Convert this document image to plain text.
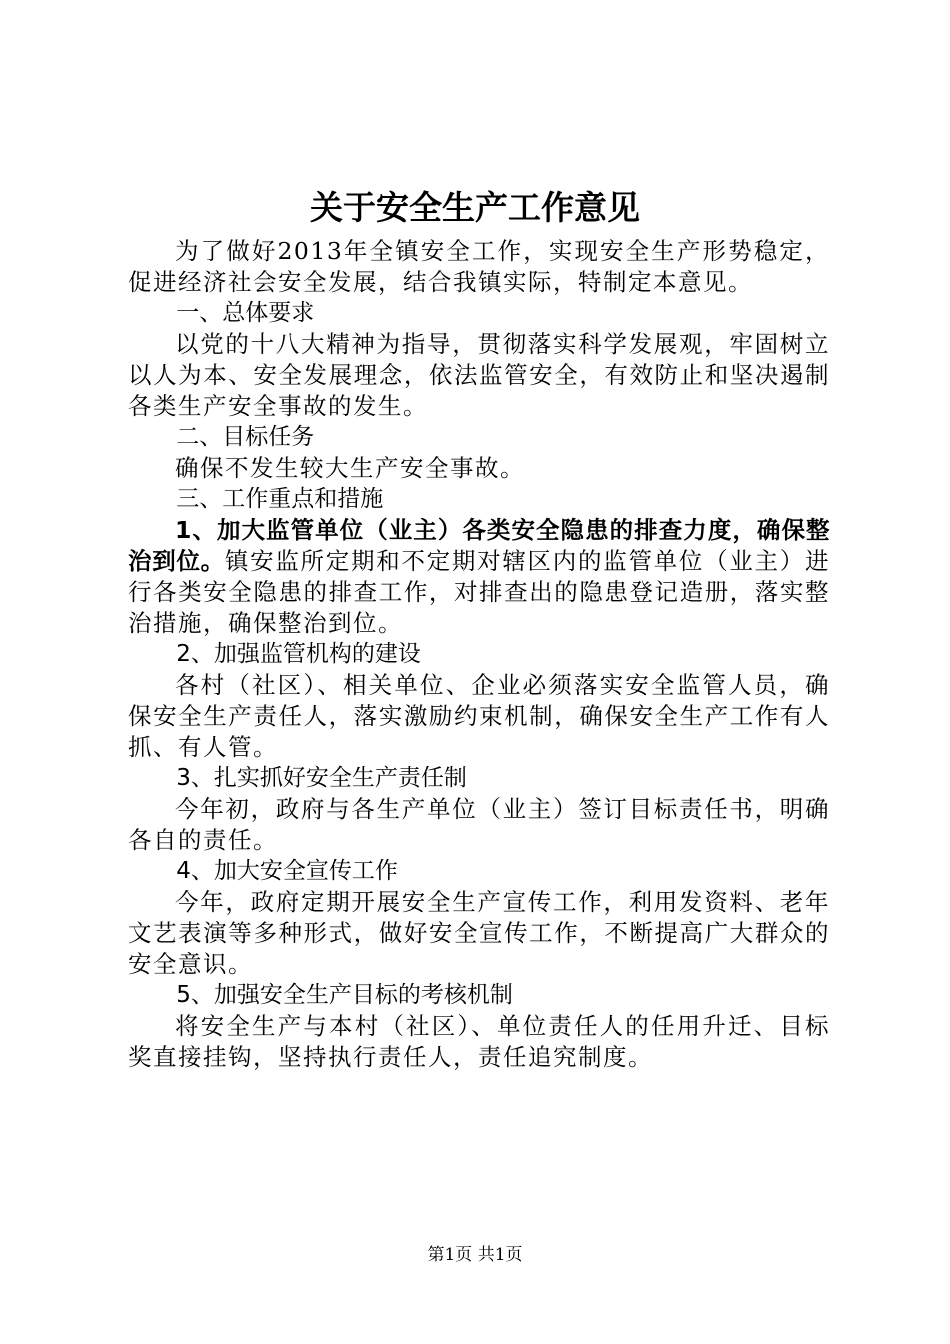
关于安全生产工作意见

为了做好2013年全镇安全工作，实现安全生产形势稳定，促进经济社会安全发展，结合我镇实际，特制定本意见。

一、总体要求

以党的十八大精神为指导，贯彻落实科学发展观，牢固树立以人为本、安全发展理念，依法监管安全，有效防止和坚决遏制各类生产安全事故的发生。

二、目标任务

确保不发生较大生产安全事故。

三、工作重点和措施

1、加大监管单位（业主）各类安全隐患的排查力度，确保整治到位。镇安监所定期和不定期对辖区内的监管单位（业主）进行各类安全隐患的排查工作，对排查出的隐患登记造册，落实整治措施，确保整治到位。

2、加强监管机构的建设

各村（社区）、相关单位、企业必须落实安全监管人员，确保安全生产责任人，落实激励约束机制，确保安全生产工作有人抓、有人管。

3、扎实抓好安全生产责任制

今年初，政府与各生产单位（业主）签订目标责任书，明确各自的责任。

4、加大安全宣传工作

今年，政府定期开展安全生产宣传工作，利用发资料、老年文艺表演等多种形式，做好安全宣传工作，不断提高广大群众的安全意识。

5、加强安全生产目标的考核机制

将安全生产与本村（社区）、单位责任人的任用升迁、目标奖直接挂钩，坚持执行责任人，责任追究制度。

第1页 共1页
